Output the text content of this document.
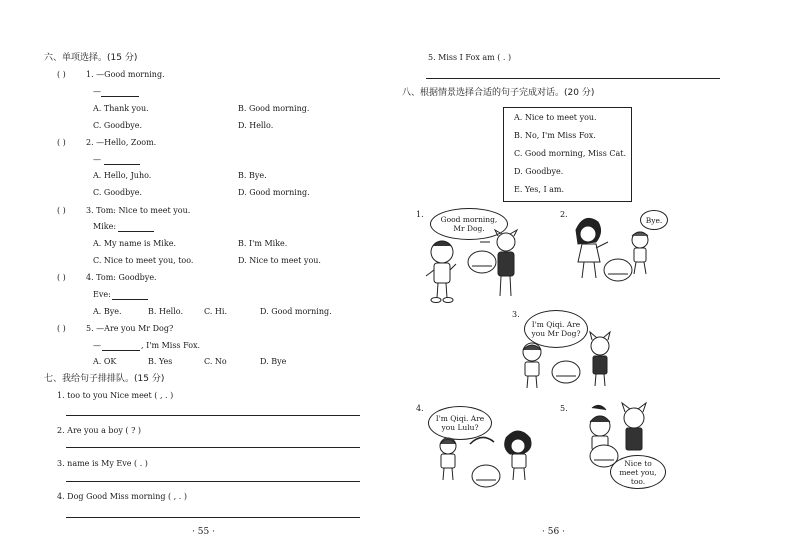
六、单项选择。(15 分)
( )	1. —Good morning.
—
A. Thank you.	B. Good morning.
C. Goodbye.	D. Hello.
( )	2. —Hello, Zoom.
—
A. Hello, Juho.	B. Bye.
C. Goodbye.	D. Good morning.
( )	3. Tom: Nice to meet you.
Mike:
A. My name is Mike.	B. I'm Mike.
C. Nice to meet you, too.	D. Nice to meet you.
( )	4. Tom: Goodbye.
Eve:
A. Bye.	B. Hello.	C. Hi.	D. Good morning.
( )	5. —Are you Mr Dog?
—	, I'm Miss Fox.
A. OK	B. Yes	C. No	D. Bye
七、我给句子排排队。(15 分)
1. too to you Nice meet ( , . )
2. Are you a boy ( ? )
3. name is My Eve ( . )
4. Dog Good Miss morning ( , . )
· 55 ·
5. Miss I Fox am ( . )
八、根据情景选择合适的句子完成对话。(20 分)
A. Nice to meet you.
B. No, I'm Miss Fox.
C. Good morning, Miss Cat.
D. Goodbye.
E. Yes, I am.
1.
Good morning, Mr Dog.
2.
Bye.
3.
I'm Qiqi. Are you Mr Dog?
4.
I'm Qiqi. Are you Lulu?
5.
Nice to meet you, too.
· 56 ·
